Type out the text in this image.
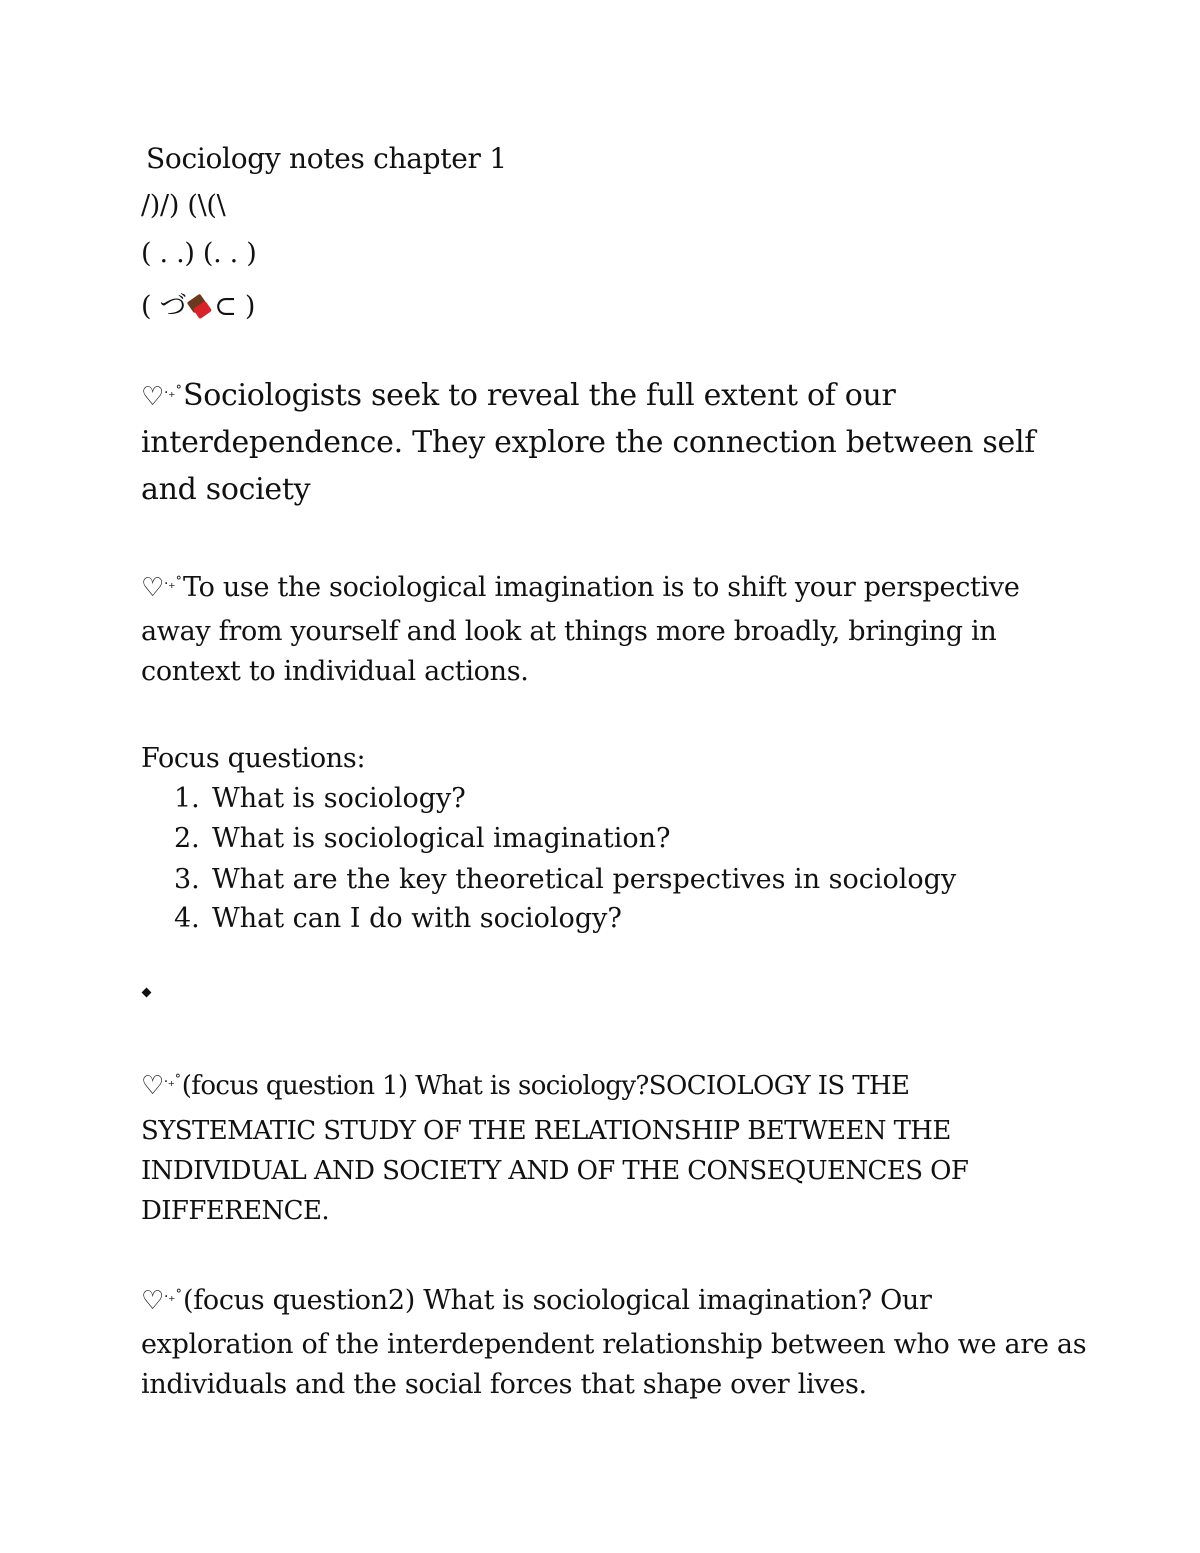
Sociology notes chapter 1
/)/) (\(\
( . .) (. . )
( づ ⊂ )
♡·₊˚Sociologists seek to reveal the full extent of our
interdependence. They explore the connection between self
and society
♡·₊˚To use the sociological imagination is to shift your perspective
away from yourself and look at things more broadly, bringing in
context to individual actions.
Focus questions:
1. What is sociology?
2. What is sociological imagination?
3. What are the key theoretical perspectives in sociology
4. What can I do with sociology?
♡·₊˚(focus question 1) What is sociology?SOCIOLOGY IS THE
SYSTEMATIC STUDY OF THE RELATIONSHIP BETWEEN THE
INDIVIDUAL AND SOCIETY AND OF THE CONSEQUENCES OF
DIFFERENCE.
♡·₊˚(focus question2) What is sociological imagination? Our
exploration of the interdependent relationship between who we are as
individuals and the social forces that shape over lives.
